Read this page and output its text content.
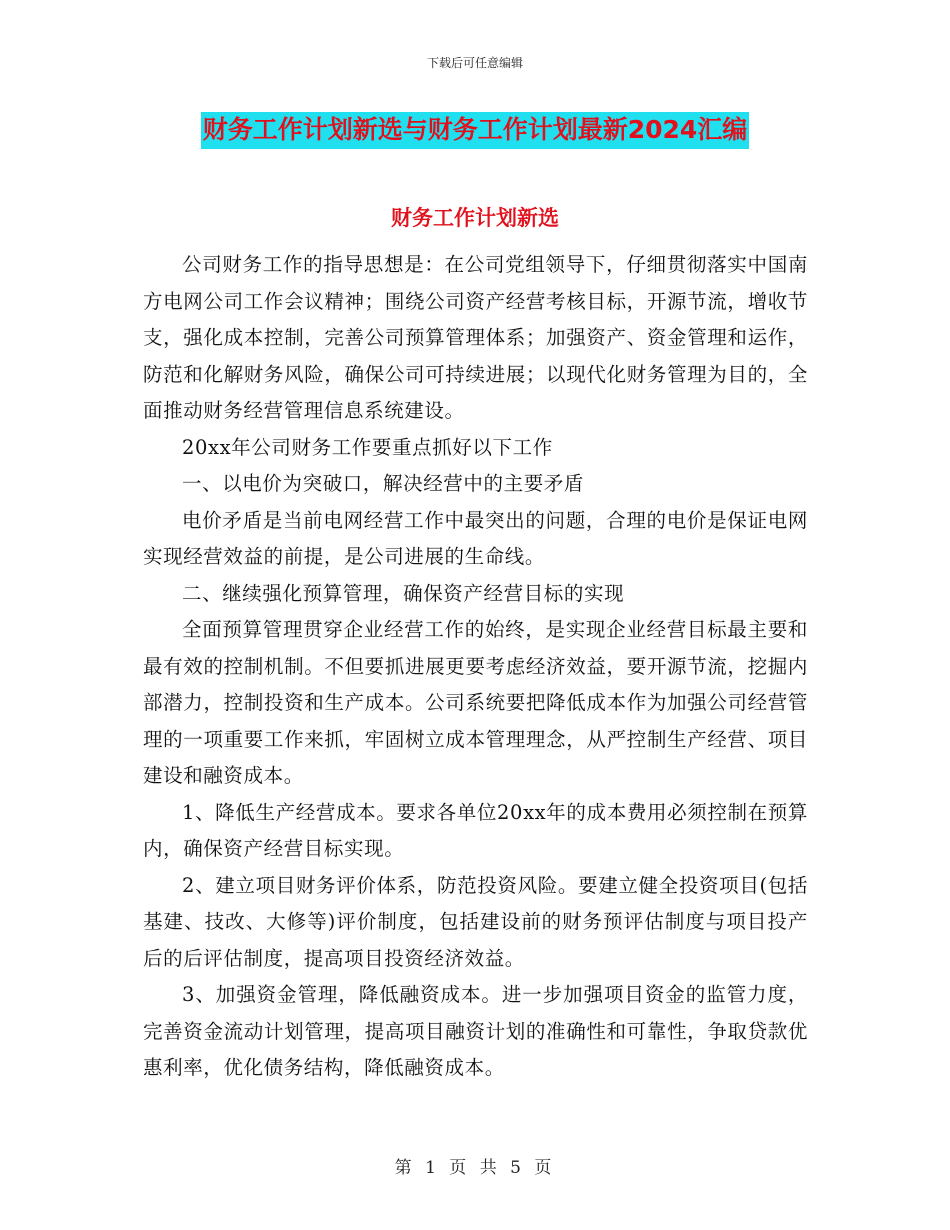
下载后可任意编辑
财务工作计划新选与财务工作计划最新2024汇编
财务工作计划新选

公司财务工作的指导思想是：在公司党组领导下，仔细贯彻落实中国南方电网公司工作会议精神；围绕公司资产经营考核目标，开源节流，增收节支，强化成本控制，完善公司预算管理体系；加强资产、资金管理和运作，防范和化解财务风险，确保公司可持续进展；以现代化财务管理为目的，全面推动财务经营管理信息系统建设。

20xx年公司财务工作要重点抓好以下工作

一、以电价为突破口，解决经营中的主要矛盾

电价矛盾是当前电网经营工作中最突出的问题，合理的电价是保证电网实现经营效益的前提，是公司进展的生命线。

二、继续强化预算管理，确保资产经营目标的实现

全面预算管理贯穿企业经营工作的始终，是实现企业经营目标最主要和最有效的控制机制。不但要抓进展更要考虑经济效益，要开源节流，挖掘内部潜力，控制投资和生产成本。公司系统要把降低成本作为加强公司经营管理的一项重要工作来抓，牢固树立成本管理理念，从严控制生产经营、项目建设和融资成本。

1、降低生产经营成本。要求各单位20xx年的成本费用必须控制在预算内，确保资产经营目标实现。

2、建立项目财务评价体系，防范投资风险。要建立健全投资项目(包括基建、技改、大修等)评价制度，包括建设前的财务预评估制度与项目投产后的后评估制度，提高项目投资经济效益。

3、加强资金管理，降低融资成本。进一步加强项目资金的监管力度，完善资金流动计划管理，提高项目融资计划的准确性和可靠性，争取贷款优惠利率，优化债务结构，降低融资成本。

第 1 页 共 5 页
